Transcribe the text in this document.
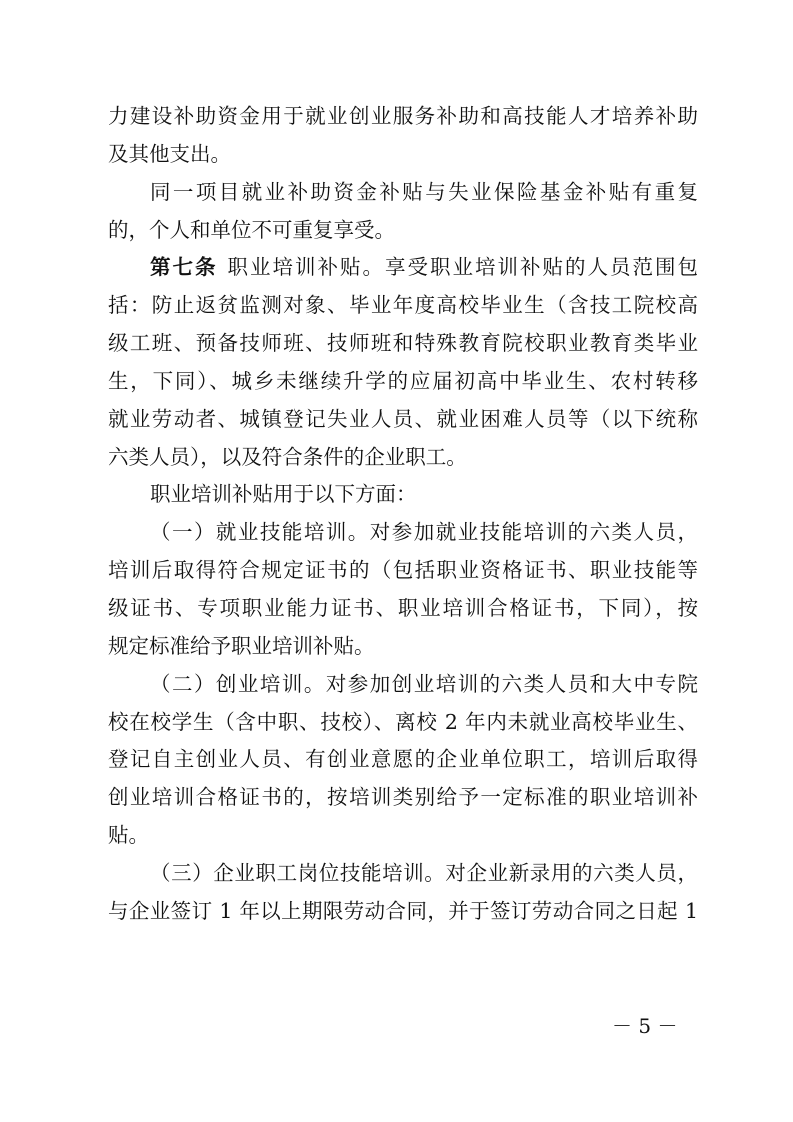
力建设补助资金用于就业创业服务补助和高技能人才培养补助
及其他支出。
同一项目就业补助资金补贴与失业保险基金补贴有重复
的，个人和单位不可重复享受。
第七条 职业培训补贴。享受职业培训补贴的人员范围包
括：防止返贫监测对象、毕业年度高校毕业生（含技工院校高
级工班、预备技师班、技师班和特殊教育院校职业教育类毕业
生，下同）、城乡未继续升学的应届初高中毕业生、农村转移
就业劳动者、城镇登记失业人员、就业困难人员等（以下统称
六类人员），以及符合条件的企业职工。
职业培训补贴用于以下方面：
（一）就业技能培训。对参加就业技能培训的六类人员，
培训后取得符合规定证书的（包括职业资格证书、职业技能等
级证书、专项职业能力证书、职业培训合格证书，下同），按
规定标准给予职业培训补贴。
（二）创业培训。对参加创业培训的六类人员和大中专院
校在校学生（含中职、技校）、离校 2 年内未就业高校毕业生、
登记自主创业人员、有创业意愿的企业单位职工，培训后取得
创业培训合格证书的，按培训类别给予一定标准的职业培训补
贴。
（三）企业职工岗位技能培训。对企业新录用的六类人员，
与企业签订 1 年以上期限劳动合同，并于签订劳动合同之日起 1
－ 5 －
